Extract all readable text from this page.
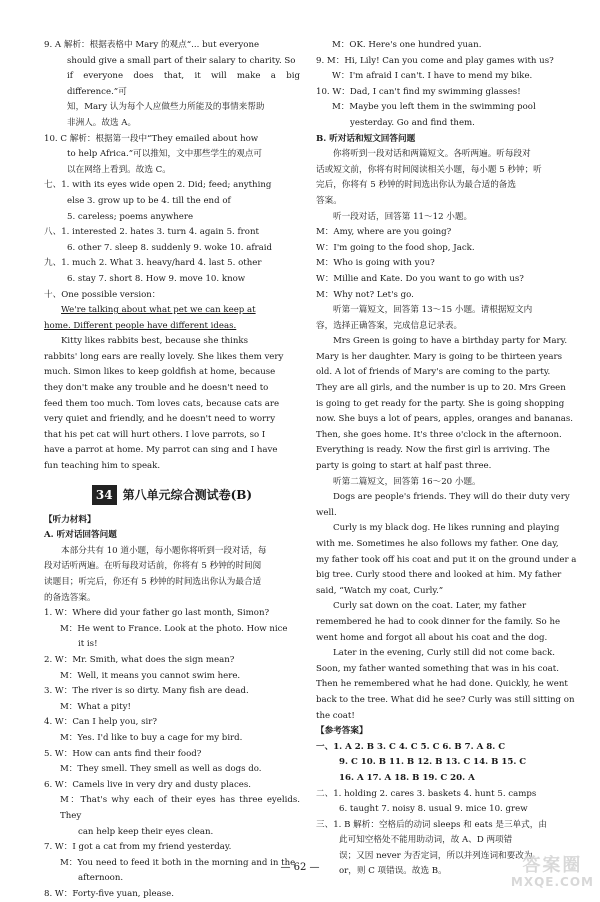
9. A 解析：根据表格中 Mary 的观点“... but everyone

should give a small part of their salary to charity. So

if everyone does that, it will make a big difference.”可

知，Mary 认为每个人应做些力所能及的事情来帮助

非洲人。故选 A。

10. C 解析：根据第一段中“They emailed about how

to help Africa.”可以推知，文中那些学生的观点可

以在网络上看到。故选 C。

七、1. with its eyes wide open 2. Did; feed; anything

else 3. grow up to be 4. till the end of

5. careless; poems anywhere

八、1. interested 2. hates 3. turn 4. again 5. front

6. other 7. sleep 8. suddenly 9. woke 10. afraid

九、1. much 2. What 3. heavy/hard 4. last 5. other

6. stay 7. short 8. How 9. move 10. know

十、One possible version：

We're talking about what pet we can keep at

home. Different people have different ideas.

Kitty likes rabbits best, because she thinks

rabbits' long ears are really lovely. She likes them very

much. Simon likes to keep goldfish at home, because

they don't make any trouble and he doesn't need to

feed them too much. Tom loves cats, because cats are

very quiet and friendly, and he doesn't need to worry

that his pet cat will hurt others. I love parrots, so I

have a parrot at home. My parrot can sing and I have

fun teaching him to speak.

34 第八单元综合测试卷(B)

【听力材料】

A. 听对话回答问题

本部分共有 10 道小题，每小题你将听到一段对话，每

段对话听两遍。在听每段对话前，你将有 5 秒钟的时间阅

读题目；听完后，你还有 5 秒钟的时间选出你认为最合适

的备选答案。

1. W：Where did your father go last month, Simon?

M：He went to France. Look at the photo. How nice

it is!

2. W：Mr. Smith, what does the sign mean?

M：Well, it means you cannot swim here.

3. W：The river is so dirty. Many fish are dead.

M：What a pity!

4. W：Can I help you, sir?

M：Yes. I'd like to buy a cage for my bird.

5. W：How can ants find their food?

M：They smell. They smell as well as dogs do.

6. W：Camels live in very dry and dusty places.

M：That's why each of their eyes has three eyelids. They

can help keep their eyes clean.

7. W：I got a cat from my friend yesterday.

M：You need to feed it both in the morning and in the

afternoon.

8. W：Forty-five yuan, please.

M：OK. Here's one hundred yuan.

9. M：Hi, Lily! Can you come and play games with us?

W：I'm afraid I can't. I have to mend my bike.

10. W：Dad, I can't find my swimming glasses!

M：Maybe you left them in the swimming pool

yesterday. Go and find them.

B. 听对话和短文回答问题

你将听到一段对话和两篇短文。各听两遍。听每段对

话或短文前，你将有时间阅读相关小题，每小题 5 秒钟；听

完后，你将有 5 秒钟的时间选出你认为最合适的备选

答案。

听一段对话，回答第 11～12 小题。

M：Amy, where are you going?

W：I'm going to the food shop, Jack.

M：Who is going with you?

W：Millie and Kate. Do you want to go with us?

M：Why not? Let's go.

听第一篇短文，回答第 13～15 小题。请根据短文内

容，选择正确答案，完成信息记录表。

Mrs Green is going to have a birthday party for Mary.

Mary is her daughter. Mary is going to be thirteen years

old. A lot of friends of Mary's are coming to the party.

They are all girls, and the number is up to 20. Mrs Green

is going to get ready for the party. She is going shopping

now. She buys a lot of pears, apples, oranges and bananas.

Then, she goes home. It's three o'clock in the afternoon.

Everything is ready. Now the first girl is arriving. The

party is going to start at half past three.

听第二篇短文，回答第 16～20 小题。

Dogs are people's friends. They will do their duty very

well.

Curly is my black dog. He likes running and playing

with me. Sometimes he also follows my father. One day,

my father took off his coat and put it on the ground under a

big tree. Curly stood there and looked at him. My father

said, “Watch my coat, Curly.”

Curly sat down on the coat. Later, my father

remembered he had to cook dinner for the family. So he

went home and forgot all about his coat and the dog.

Later in the evening, Curly still did not come back.

Soon, my father wanted something that was in his coat.

Then he remembered what he had done. Quickly, he went

back to the tree. What did he see? Curly was still sitting on

the coat!

【参考答案】

一、1. A 2. B 3. C 4. C 5. C 6. B 7. A 8. C

9. C 10. B 11. B 12. B 13. C 14. B 15. C

16. A 17. A 18. B 19. C 20. A

二、1. holding 2. cares 3. baskets 4. hunt 5. camps

6. taught 7. noisy 8. usual 9. mice 10. grew

三、1. B 解析：空格后的动词 sleeps 和 eats 是三单式，由

此可知空格处不能用助动词，故 A、D 两项错

误；又因 never 为否定词，所以并列连词和要改为

or，则 C 项错误。故选 B。

— 62 —	答案圈
MXQE.COM
